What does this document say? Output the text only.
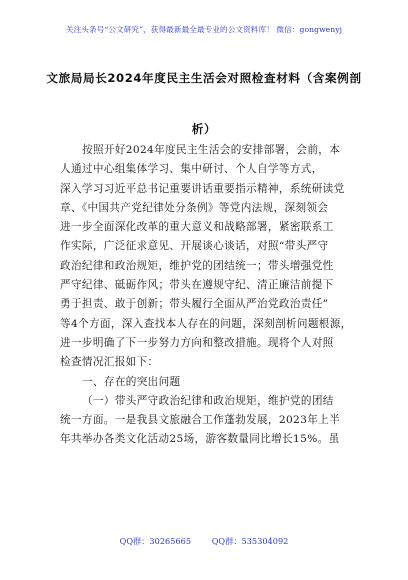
关注头条号“公文研究”，获得最新最全最专业的公文资料库！ 微信：gongwenyj
文旅局局长2024年度民主生活会对照检查材料（含案例剖
析）
按照开好2024年度民主生活会的安排部署，会前，本
人通过中心组集体学习、集中研讨、个人自学等方式，
深入学习习近平总书记重要讲话重要指示精神，系统研读党
章、《中国共产党纪律处分条例》等党内法规，深刻领会
进一步全面深化改革的重大意义和战略部署，紧密联系工
作实际，广泛征求意见、开展谈心谈话，对照“带头严守
政治纪律和政治规矩，维护党的团结统一；带头增强党性
严守纪律、砥砺作风；带头在遵规守纪、清正廉洁前提下
勇于担责、敢于创新；带头履行全面从严治党政治责任”
等4个方面，深入查找本人存在的问题，深刻剖析问题根源，
进一步明确了下一步努力方向和整改措施。现将个人对照
检查情况汇报如下：
一、存在的突出问题
（一）带头严守政治纪律和政治规矩，维护党的团结
统一方面。一是我县文旅融合工作蓬勃发展，2023年上半
年共举办各类文化活动25场，游客数量同比增长15%。虽
QQ群：30265665	QQ群：535304092
